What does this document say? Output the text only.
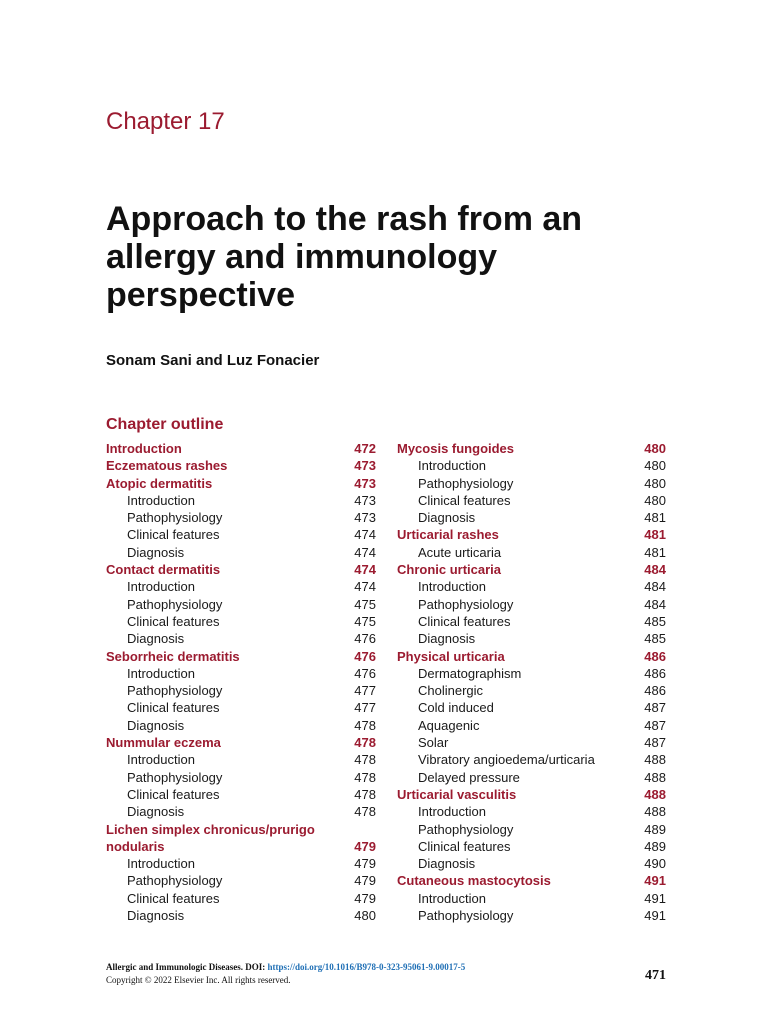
Chapter 17
Approach to the rash from an allergy and immunology perspective
Sonam Sani and Luz Fonacier
Chapter outline
Introduction	472
Eczematous rashes	473
Atopic dermatitis	473
Introduction	473
Pathophysiology	473
Clinical features	474
Diagnosis	474
Contact dermatitis	474
Introduction	474
Pathophysiology	475
Clinical features	475
Diagnosis	476
Seborrheic dermatitis	476
Introduction	476
Pathophysiology	477
Clinical features	477
Diagnosis	478
Nummular eczema	478
Introduction	478
Pathophysiology	478
Clinical features	478
Diagnosis	478
Lichen simplex chronicus/prurigo
nodularis	479
Introduction	479
Pathophysiology	479
Clinical features	479
Diagnosis	480
Mycosis fungoides	480
Introduction	480
Pathophysiology	480
Clinical features	480
Diagnosis	481
Urticarial rashes	481
Acute urticaria	481
Chronic urticaria	484
Introduction	484
Pathophysiology	484
Clinical features	485
Diagnosis	485
Physical urticaria	486
Dermatographism	486
Cholinergic	486
Cold induced	487
Aquagenic	487
Solar	487
Vibratory angioedema/urticaria	488
Delayed pressure	488
Urticarial vasculitis	488
Introduction	488
Pathophysiology	489
Clinical features	489
Diagnosis	490
Cutaneous mastocytosis	491
Introduction	491
Pathophysiology	491
Allergic and Immunologic Diseases. DOI: https://doi.org/10.1016/B978-0-323-95061-9.00017-5
Copyright © 2022 Elsevier Inc. All rights reserved.	471
